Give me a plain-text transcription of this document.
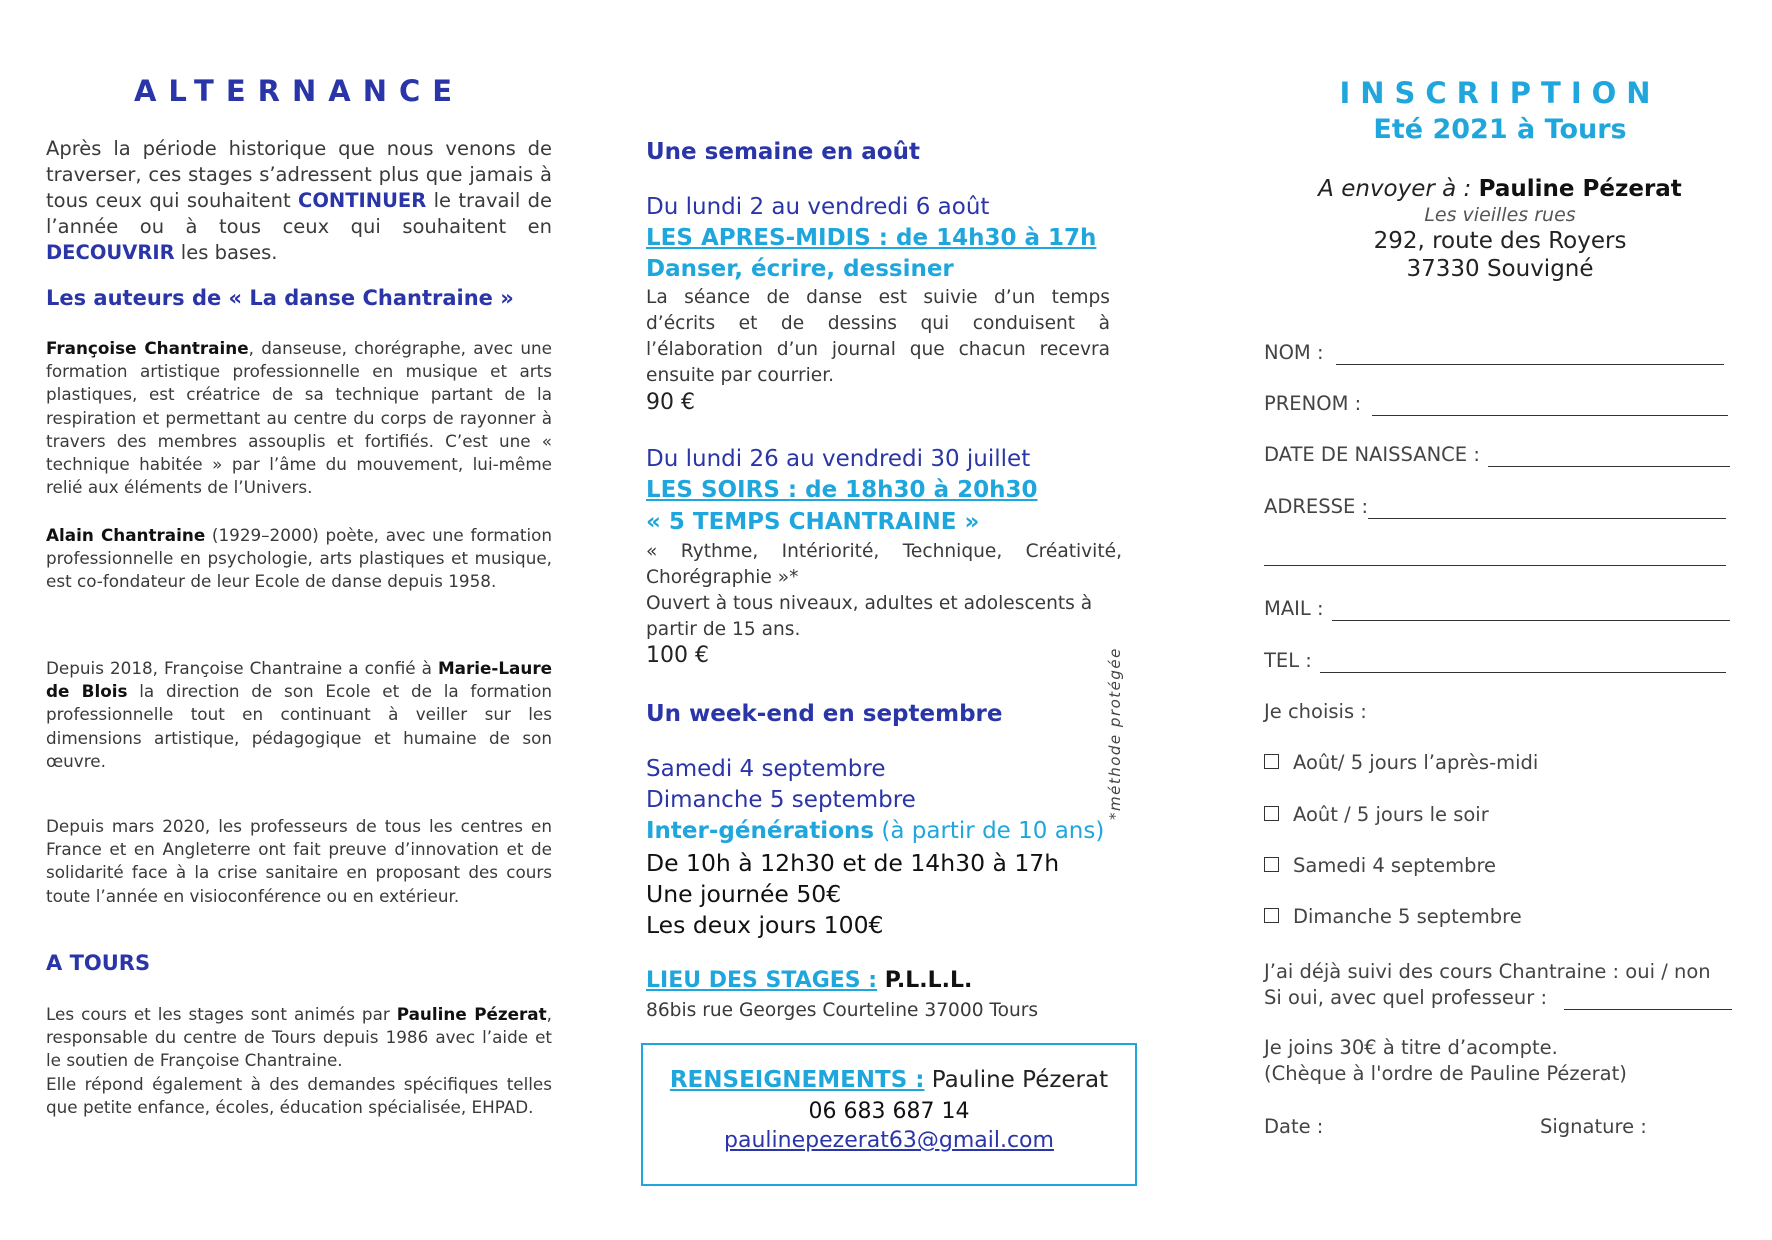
ALTERNANCE
Après la période historique que nous venons de traverser, ces stages s’adressent plus que jamais à tous ceux qui souhaitent CONTINUER le travail de l’année ou à tous ceux qui souhaitent en DECOUVRIR les bases.
Les auteurs de « La danse Chantraine »
Françoise Chantraine, danseuse, chorégraphe, avec une formation artistique professionnelle en musique et arts plastiques, est créatrice de sa technique partant de la respiration et permettant au centre du corps de rayonner à travers des membres assouplis et fortifiés. C’est une « technique habitée » par l’âme du mouvement, lui-même relié aux éléments de l’Univers.
Alain Chantraine (1929–2000) poète, avec une formation professionnelle en psychologie, arts plastiques et musique, est co-fondateur de leur Ecole de danse depuis 1958.
Depuis 2018, Françoise Chantraine a confié à Marie-Laure de Blois la direction de son Ecole et de la formation professionnelle tout en continuant à veiller sur les dimensions artistique, pédagogique et humaine de son œuvre.
Depuis mars 2020, les professeurs de tous les centres en France et en Angleterre ont fait preuve d’innovation et de solidarité face à la crise sanitaire en proposant des cours toute l’année en visioconférence ou en extérieur.
A TOURS
Les cours et les stages sont animés par Pauline Pézerat, responsable du centre de Tours depuis 1986 avec l’aide et le soutien de Françoise Chantraine.
Elle répond également à des demandes spécifiques telles que petite enfance, écoles, éducation spécialisée, EHPAD.
Une semaine en août
Du lundi 2 au vendredi 6 août
LES APRES-MIDIS : de 14h30 à 17h
Danser, écrire, dessiner
La séance de danse est suivie d’un temps d’écrits et de dessins qui conduisent à l’élaboration d’un journal que chacun recevra ensuite par courrier.
90 €
Du lundi 26 au vendredi 30 juillet
LES SOIRS : de 18h30 à 20h30
« 5 TEMPS CHANTRAINE »
« Rythme, Intériorité, Technique, Créativité, Chorégraphie »*
Ouvert à tous niveaux, adultes et adolescents à partir de 15 ans.
100 €	*méthode protégée
Un week-end en septembre
Samedi 4 septembre
Dimanche 5 septembre
Inter-générations (à partir de 10 ans)
De 10h à 12h30 et de 14h30 à 17h
Une journée 50€
Les deux jours 100€
LIEU DES STAGES : P.L.L.L.
86bis rue Georges Courteline 37000 Tours
RENSEIGNEMENTS : Pauline Pézerat
06 683 687 14
paulinepezerat63@gmail.com
INSCRIPTION
Eté 2021 à Tours
A envoyer à : Pauline Pézerat
Les vieilles rues
292, route des Royers
37330 Souvigné
NOM :
PRENOM :
DATE DE NAISSANCE :
ADRESSE :
MAIL :
TEL :
Je choisis :
Août/ 5 jours l’après-midi
Août / 5 jours le soir
Samedi 4 septembre
Dimanche 5 septembre
J’ai déjà suivi des cours Chantraine : oui / non
Si oui, avec quel professeur :
Je joins 30€ à titre d’acompte.
(Chèque à l'ordre de Pauline Pézerat)
Date :	Signature :
